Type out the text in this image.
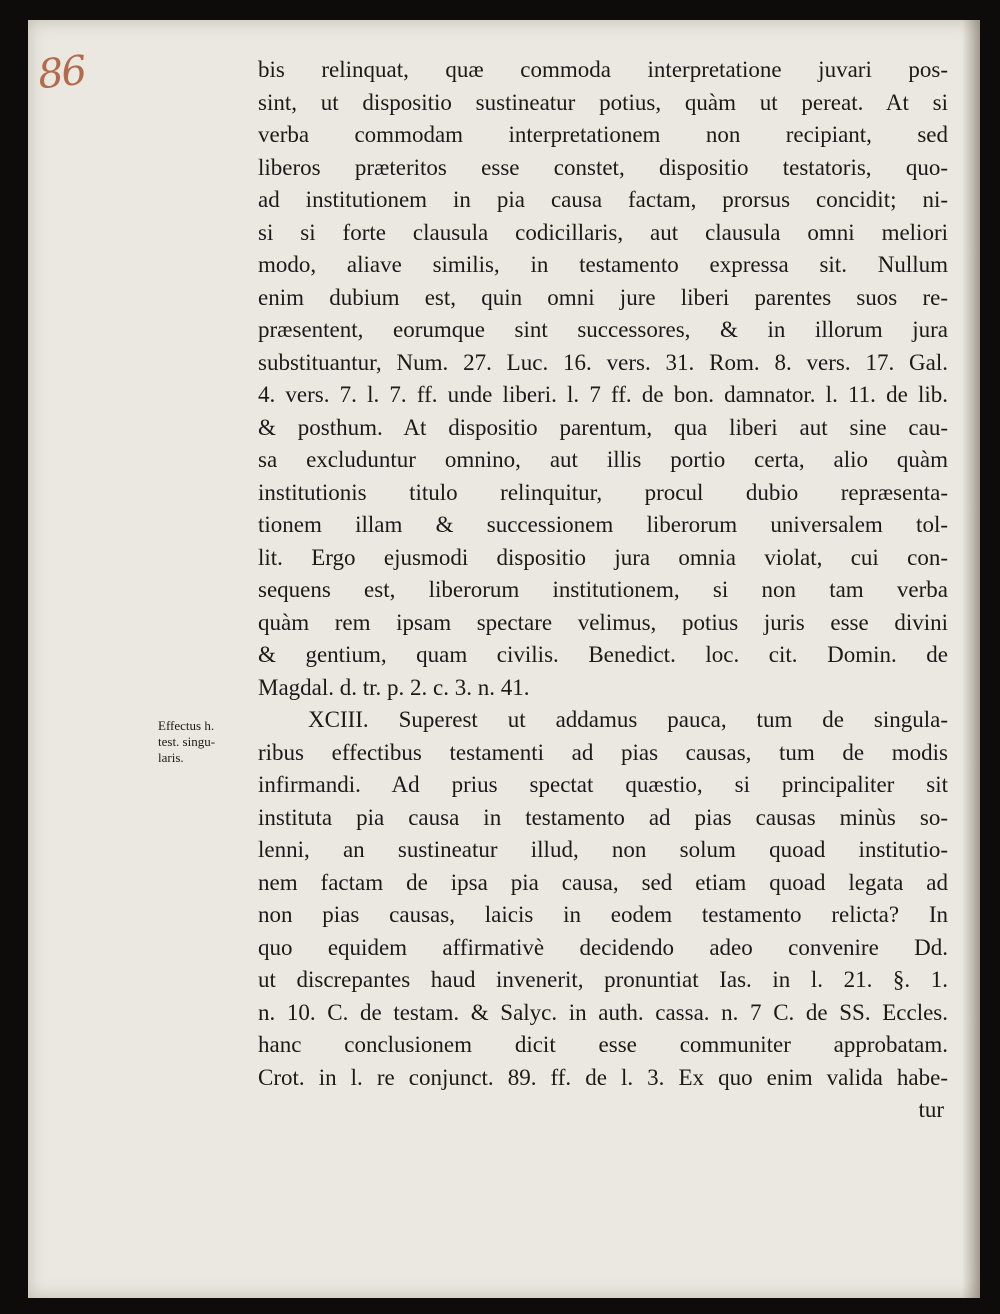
86
Effectus h.
test. singu-
laris.
bis relinquat, quæ commoda interpretatione juvari pos-
sint, ut dispositio sustineatur potius, quàm ut pereat. At si
verba commodam interpretationem non recipiant, sed
liberos præteritos esse constet, dispositio testatoris, quo-
ad institutionem in pia causa factam, prorsus concidit; ni-
si si forte clausula codicillaris, aut clausula omni meliori
modo, aliave similis, in testamento expressa sit. Nullum
enim dubium est, quin omni jure liberi parentes suos re-
præsentent, eorumque sint successores, & in illorum jura
substituantur, Num. 27. Luc. 16. vers. 31. Rom. 8. vers. 17. Gal.
4. vers. 7. l. 7. ff. unde liberi. l. 7 ff. de bon. damnator. l. 11. de lib.
& posthum. At dispositio parentum, qua liberi aut sine cau-
sa excluduntur omnino, aut illis portio certa, alio quàm
institutionis titulo relinquitur, procul dubio repræsenta-
tionem illam & successionem liberorum universalem tol-
lit. Ergo ejusmodi dispositio jura omnia violat, cui con-
sequens est, liberorum institutionem, si non tam verba
quàm rem ipsam spectare velimus, potius juris esse divini
& gentium, quam civilis. Benedict. loc. cit. Domin. de
Magdal. d. tr. p. 2. c. 3. n. 41.
XCIII. Superest ut addamus pauca, tum de singula-
ribus effectibus testamenti ad pias causas, tum de modis
infirmandi. Ad prius spectat quæstio, si principaliter sit
instituta pia causa in testamento ad pias causas minùs so-
lenni, an sustineatur illud, non solum quoad institutio-
nem factam de ipsa pia causa, sed etiam quoad legata ad
non pias causas, laicis in eodem testamento relicta? In
quo equidem affirmativè decidendo adeo convenire Dd.
ut discrepantes haud invenerit, pronuntiat Ias. in l. 21. §. 1.
n. 10. C. de testam. & Salyc. in auth. cassa. n. 7 C. de SS. Eccles.
hanc conclusionem dicit esse communiter approbatam.
Crot. in l. re conjunct. 89. ff. de l. 3. Ex quo enim valida habe-
tur
